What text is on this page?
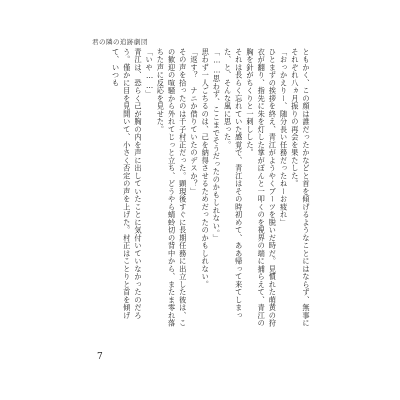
君の隣の追跡劇団

ともかく、この顔は誰だったかなどと首を傾げるようなことにはならず、無事にそれぞれ八ヵ月振りの再会を果たした。

「おっかえりー、随分長い任務だったねーお疲れ」

ひとまずの挨拶を終え、青江がようやくブーツを脱いだ時だ。見慣れた萌黄の狩衣が翻り、指先に朱を灯した掌がぽんと一叩くのを視界の端に捕らえて、青江の胸を針がちくりと一刺しした。

それは長らく忘れていた感覚で、青江はその時初めて、ああ帰って来てしまった、と、そんな風に思った。

「……思わず、ここまでそうだったのかもしれない。」

思わず一人ごちるのは、己を納得させるためだったのかもしれない。

「返す？　ナニか借りていたのデスか？」

その声を拾ったのは千子村正だった。顕現後すぐに長期任務に出立した彼は、この歓迎の喧騒から外れてじっと立ち、どうやら蜻蛉切の背中から、またま零れ落ちた声に反応を見せた。

「いや……」

青江は、恐らく己が胸の内を声に出していたことに気付いていなかったのだろう。僅かに目を見開いて、小さく否定の声を上げた。村正はことりと首を傾げて、いつも

7
